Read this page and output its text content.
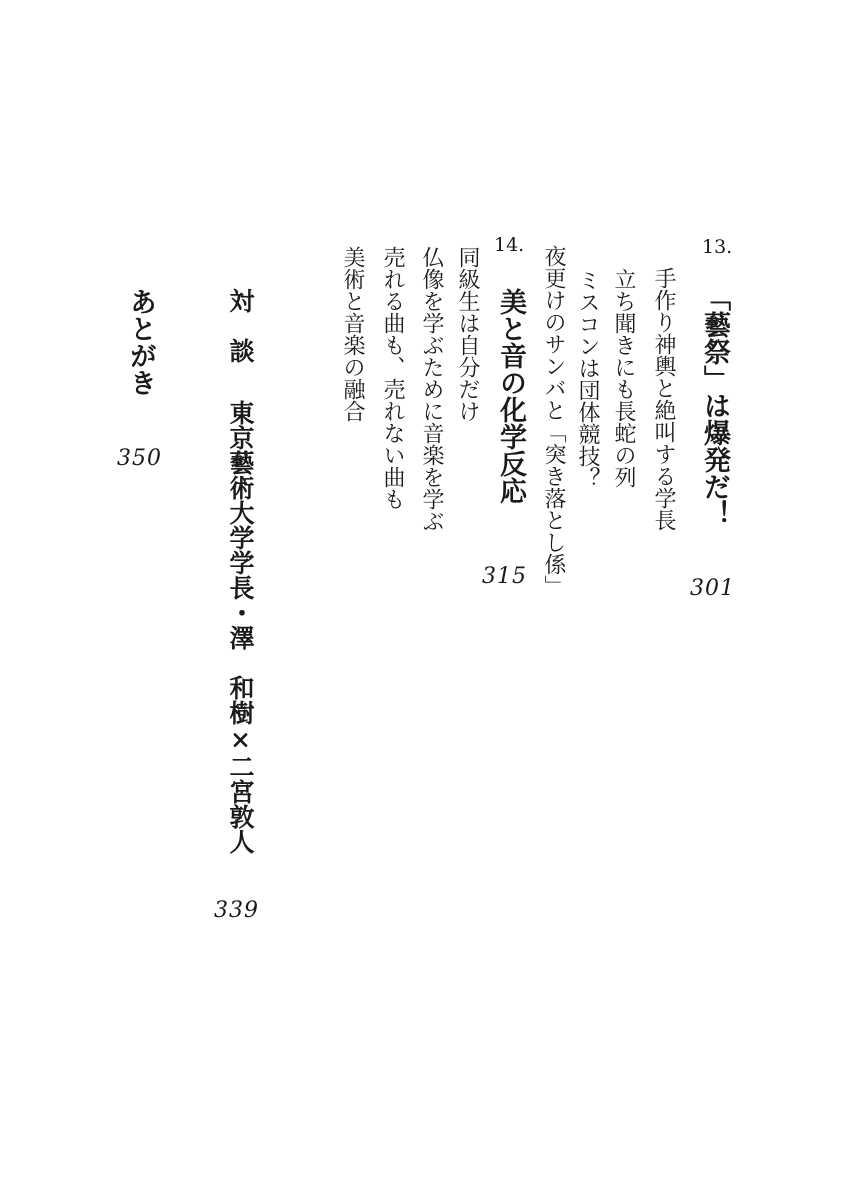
13.
「藝祭」は爆発だ！
301
手作り神輿と絶叫する学長
立ち聞きにも長蛇の列
ミスコンは団体競技？
夜更けのサンバと「突き落とし係」
14.
美と音の化学反応
315
同級生は自分だけ
仏像を学ぶために音楽を学ぶ
売れる曲も、売れない曲も
美術と音楽の融合
対　談
東京藝術大学学長・澤　和樹×二宮敦人
339
あとがき
350
